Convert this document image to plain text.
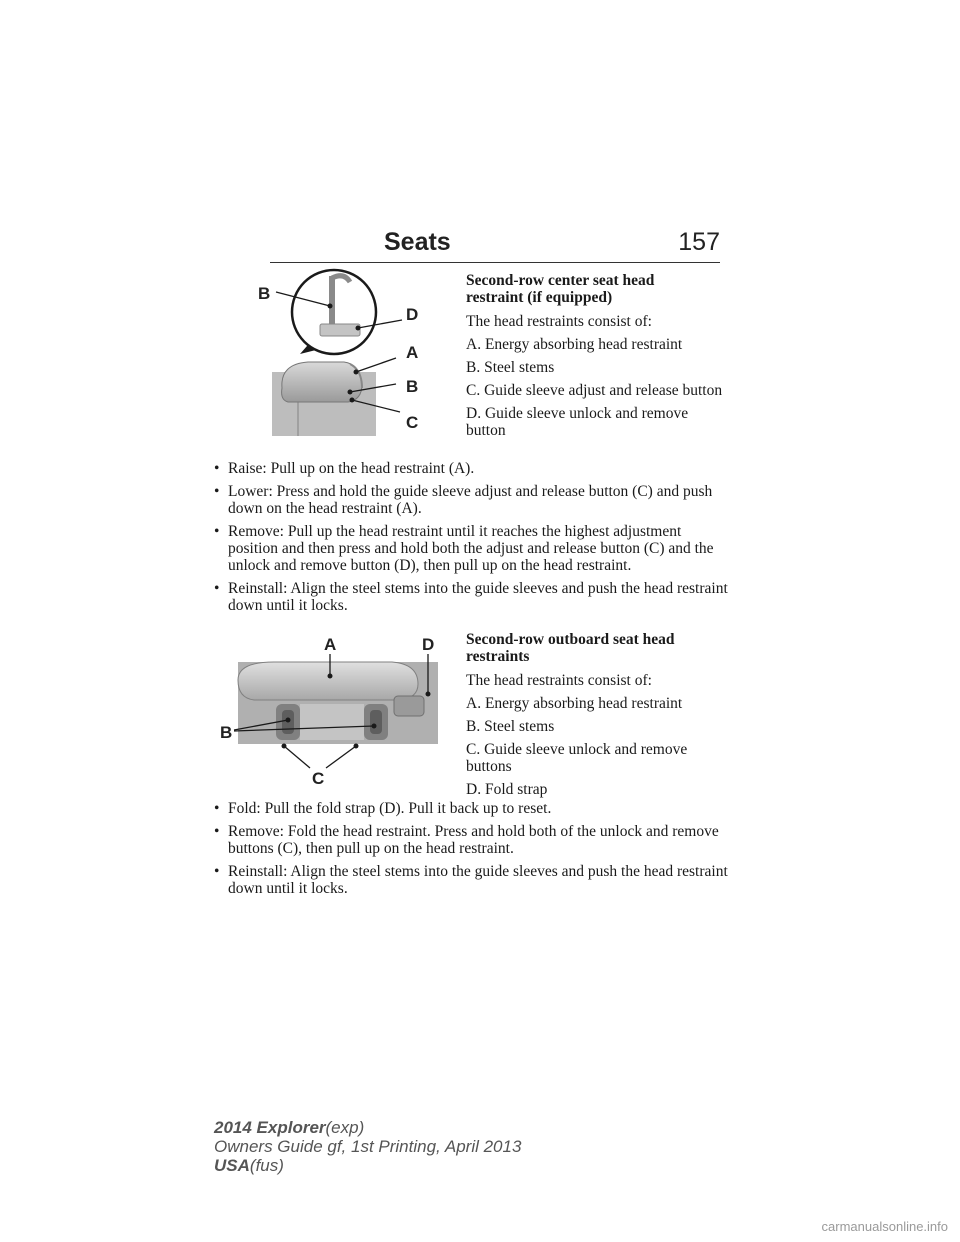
Seats	157
B
D
A
B
C
Second-row center seat head
restraint (if equipped)

The head restraints consist of:

A. Energy absorbing head restraint

B. Steel stems

C. Guide sleeve adjust and release button

D. Guide sleeve unlock and remove button

• Raise: Pull up on the head restraint (A).
• Lower: Press and hold the guide sleeve adjust and release button (C) and push down on the head restraint (A).
• Remove: Pull up the head restraint until it reaches the highest adjustment position and then press and hold both the adjust and release button (C) and the unlock and remove button (D), then pull up on the head restraint.
• Reinstall: Align the steel stems into the guide sleeves and push the head restraint down until it locks.
A	D
B
C
Second-row outboard seat head
restraints

The head restraints consist of:

A. Energy absorbing head restraint

B. Steel stems

C. Guide sleeve unlock and remove buttons

D. Fold strap

• Fold: Pull the fold strap (D). Pull it back up to reset.
• Remove: Fold the head restraint. Press and hold both of the unlock and remove buttons (C), then pull up on the head restraint.
• Reinstall: Align the steel stems into the guide sleeves and push the head restraint down until it locks.
2014 Explorer(exp)
Owners Guide gf, 1st Printing, April 2013
USA(fus)
carmanualsonline.info
